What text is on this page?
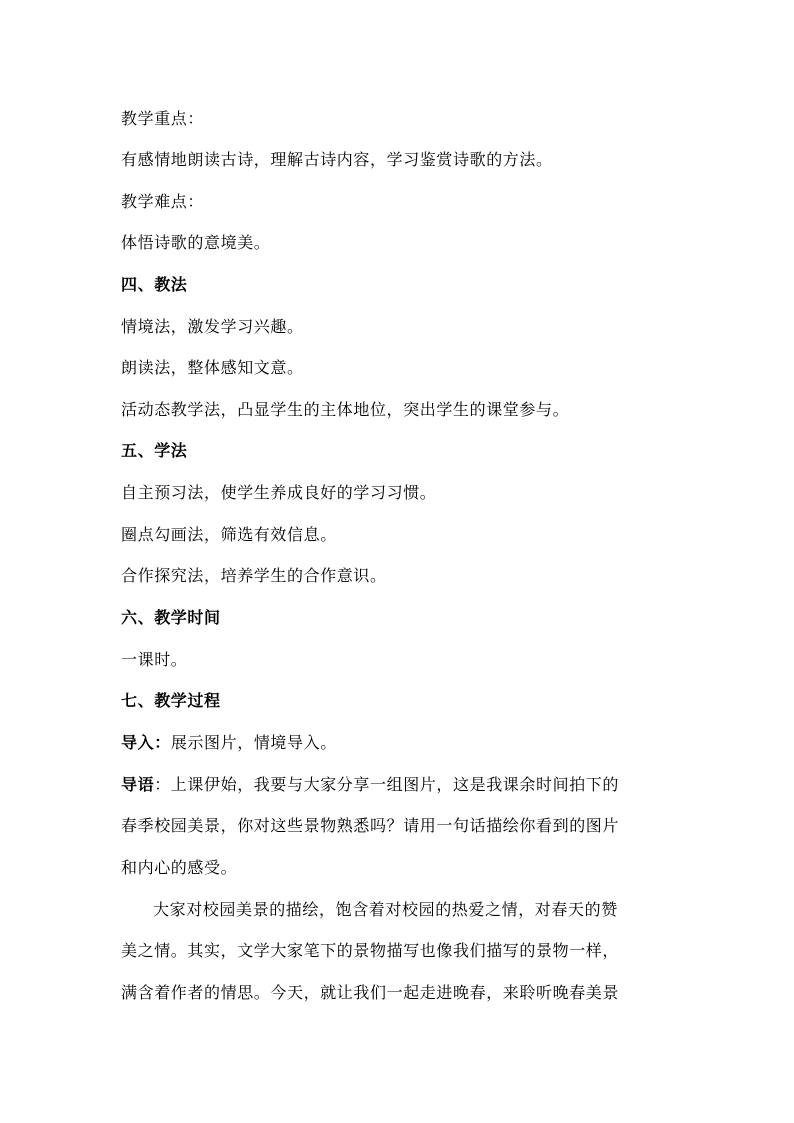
教学重点：
有感情地朗读古诗，理解古诗内容，学习鉴赏诗歌的方法。
教学难点：
体悟诗歌的意境美。
四、教法
情境法，激发学习兴趣。
朗读法，整体感知文意。
活动态教学法，凸显学生的主体地位，突出学生的课堂参与。
五、学法
自主预习法，使学生养成良好的学习习惯。
圈点勾画法，筛选有效信息。
合作探究法，培养学生的合作意识。
六、教学时间
一课时。
七、教学过程
导入：展示图片，情境导入。
导语：上课伊始，我要与大家分享一组图片，这是我课余时间拍下的
春季校园美景，你对这些景物熟悉吗？请用一句话描绘你看到的图片
和内心的感受。
大家对校园美景的描绘，饱含着对校园的热爱之情，对春天的赞
美之情。其实，文学大家笔下的景物描写也像我们描写的景物一样，
满含着作者的情思。今天，就让我们一起走进晚春，来聆听晚春美景
